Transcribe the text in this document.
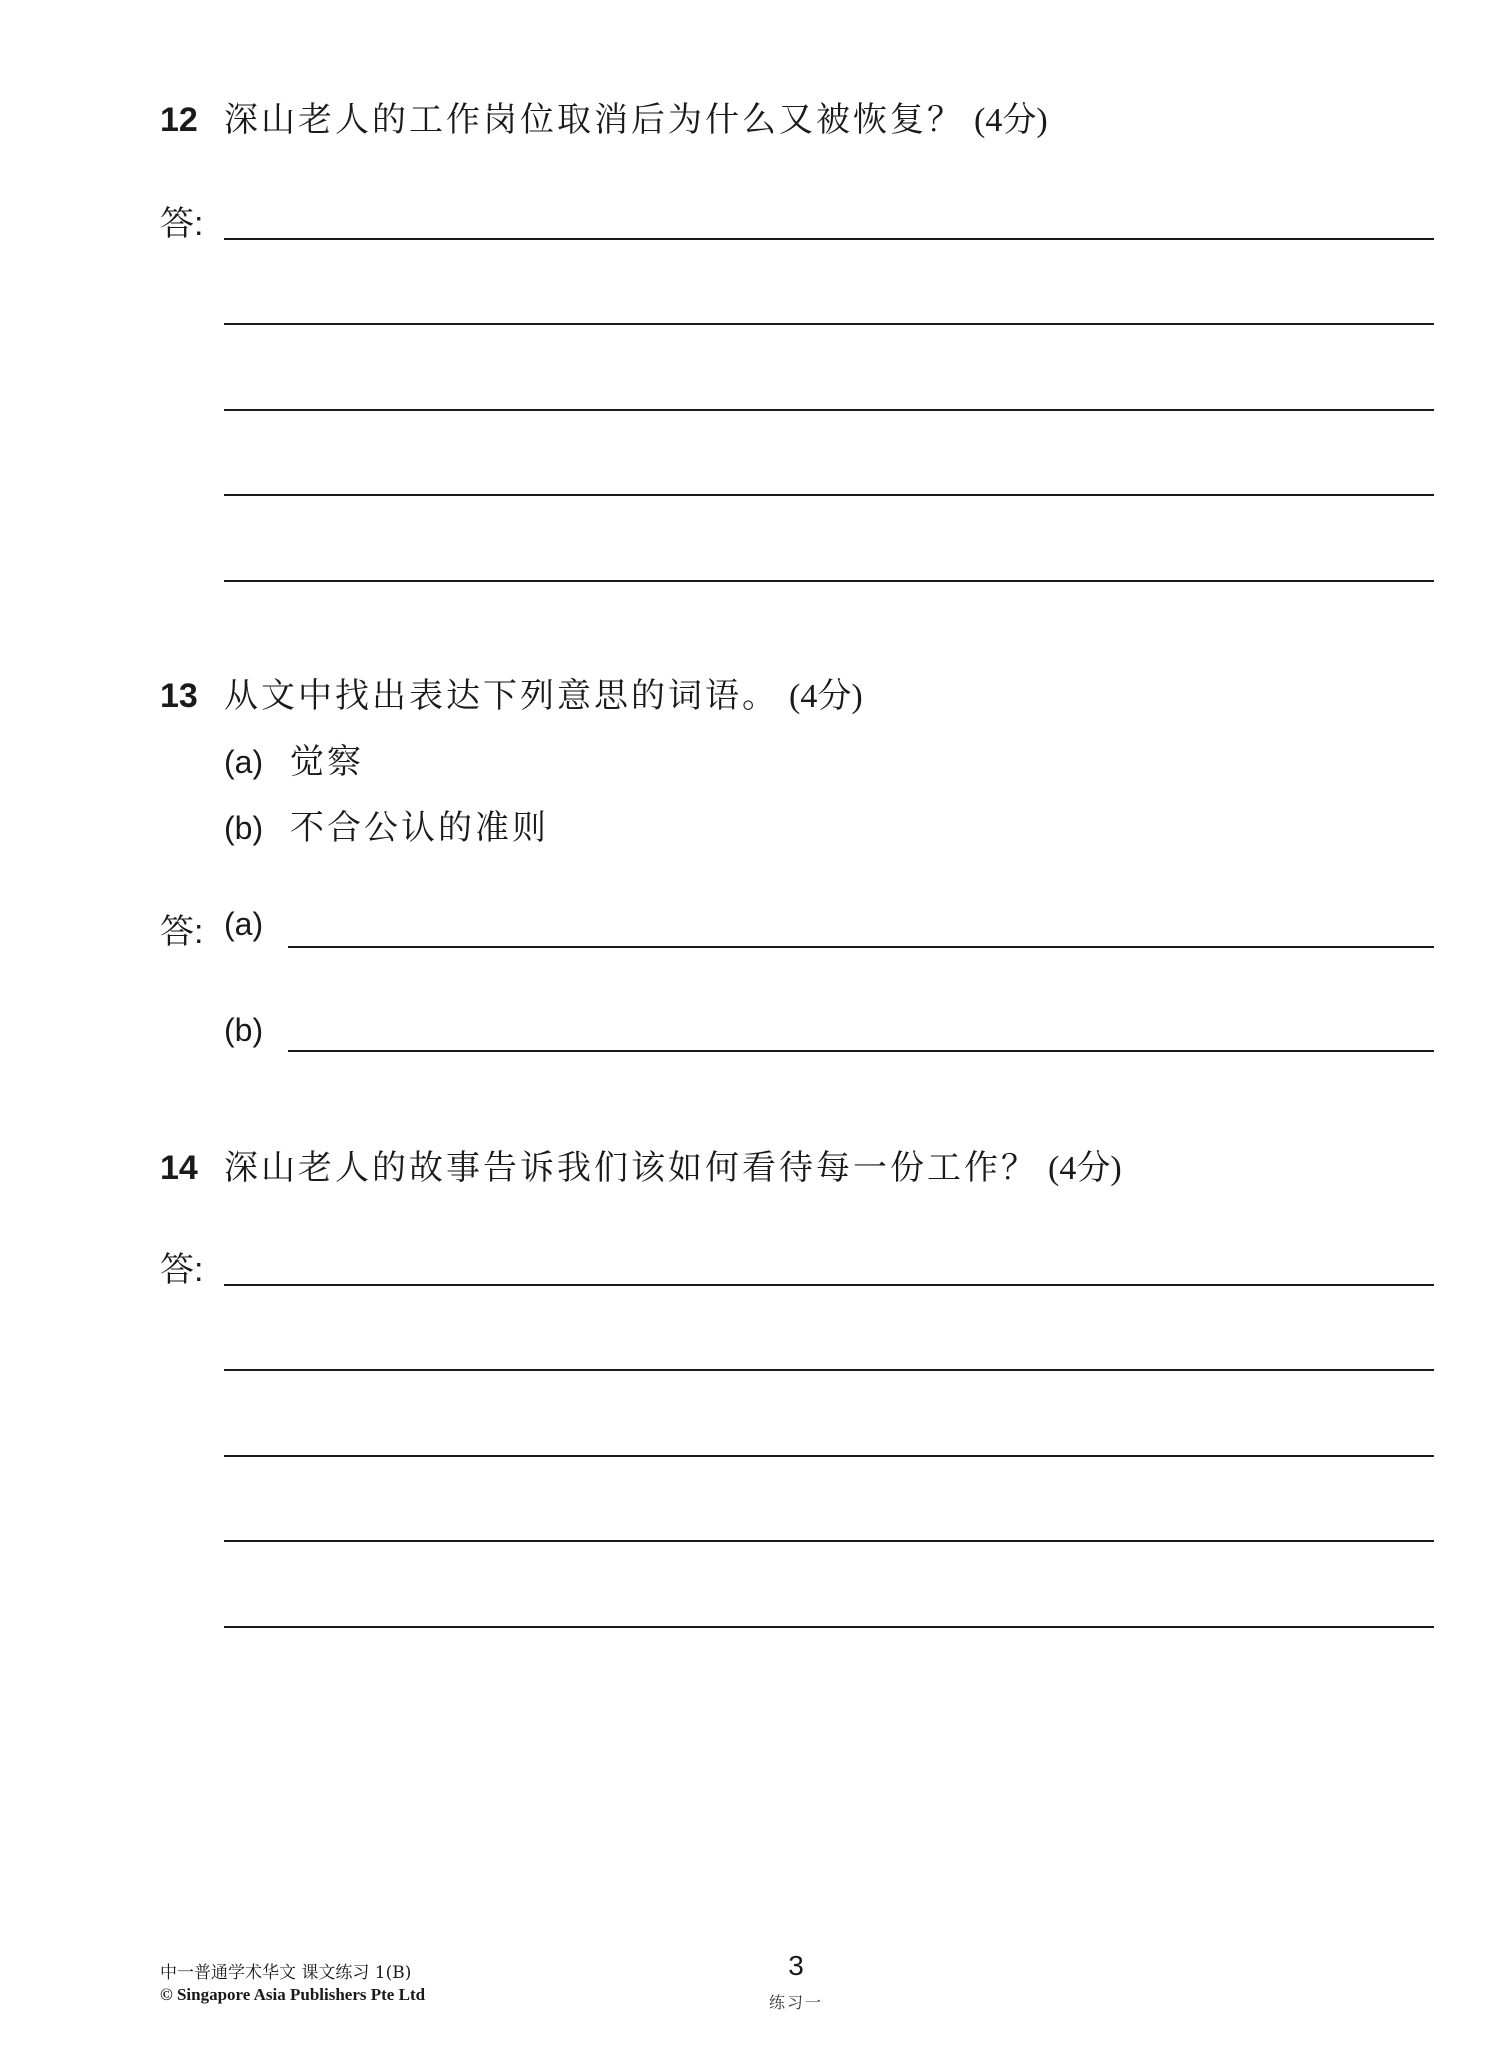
12 深山老人的工作岗位取消后为什么又被恢复？ (4分)
答:
13 从文中找出表达下列意思的词语。 (4分)
(a) 觉察
(b) 不合公认的准则
答: (a)
(b)
14 深山老人的故事告诉我们该如何看待每一份工作？ (4分)
答:
中一普通学术华文 课文练习 1(B)
© Singapore Asia Publishers Pte Ltd
3
练习一
